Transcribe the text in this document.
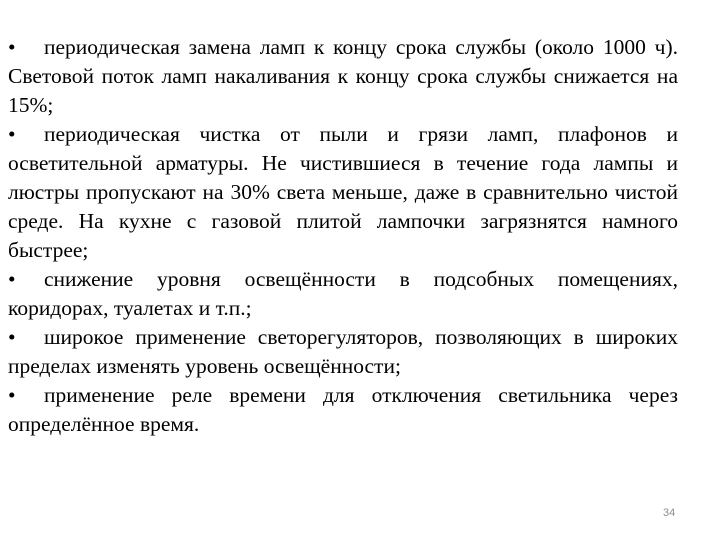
• периодическая замена ламп к концу срока службы (около 1000 ч). Световой поток ламп накаливания к концу срока службы снижается на 15%;

• периодическая чистка от пыли и грязи ламп, плафонов и осветительной арматуры. Не чистившиеся в течение года лампы и люстры пропускают на 30% света меньше, даже в сравнительно чистой среде. На кухне с газовой плитой лампочки загрязнятся намного быстрее;

• снижение уровня освещённости в подсобных помещениях, коридорах, туалетах и т.п.;

• широкое применение светорегуляторов, позволяющих в широких пределах изменять уровень освещённости;

• применение реле времени для отключения светильника через определённое время.

34
